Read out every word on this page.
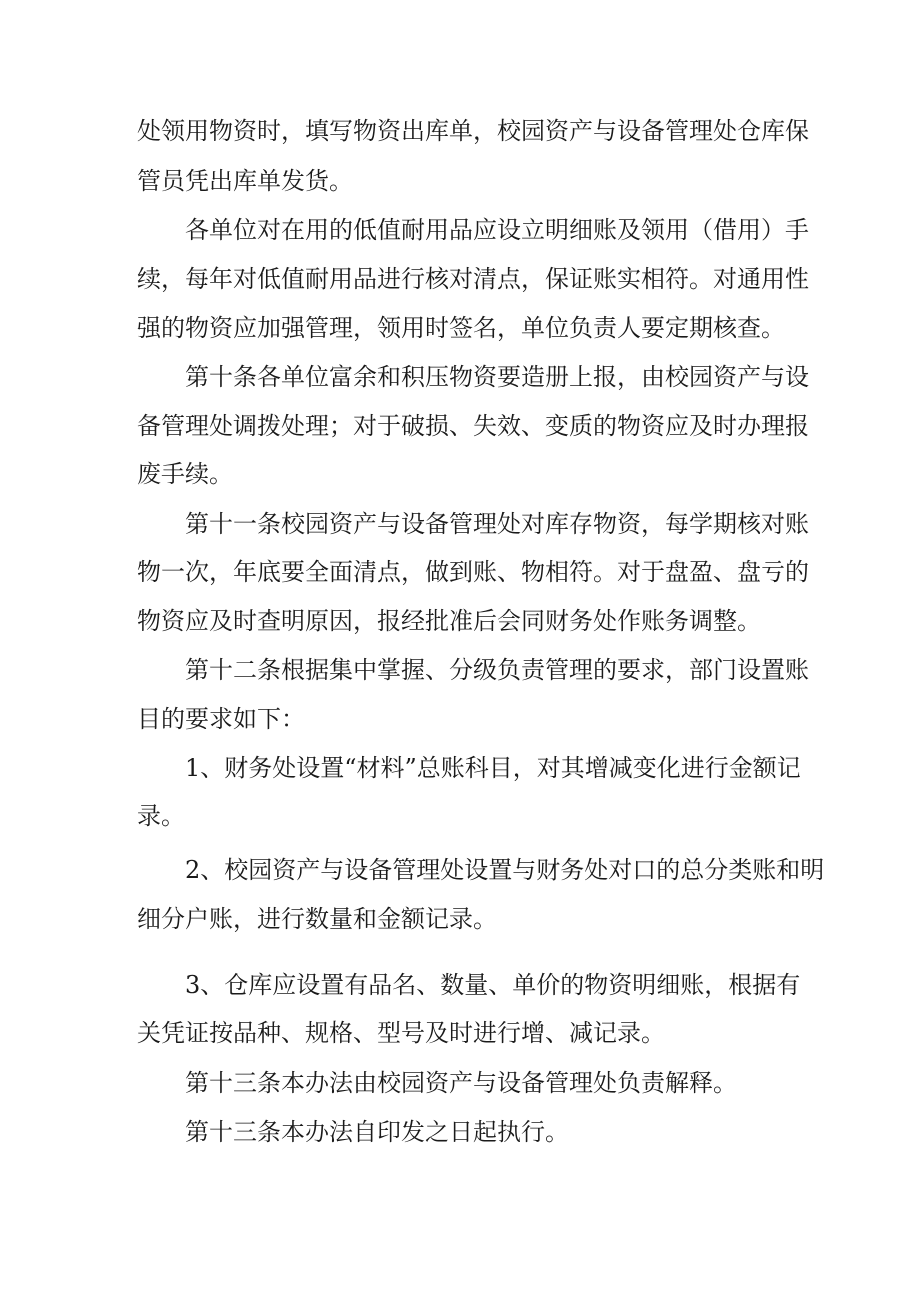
处领用物资时，填写物资出库单，校园资产与设备管理处仓库保
管员凭出库单发货。
各单位对在用的低值耐用品应设立明细账及领用（借用）手
续，每年对低值耐用品进行核对清点，保证账实相符。对通用性
强的物资应加强管理，领用时签名，单位负责人要定期核查。
第十条各单位富余和积压物资要造册上报，由校园资产与设
备管理处调拨处理；对于破损、失效、变质的物资应及时办理报
废手续。
第十一条校园资产与设备管理处对库存物资，每学期核对账
物一次，年底要全面清点，做到账、物相符。对于盘盈、盘亏的
物资应及时查明原因，报经批准后会同财务处作账务调整。
第十二条根据集中掌握、分级负责管理的要求，部门设置账
目的要求如下：
1、财务处设置“材料”总账科目，对其增减变化进行金额记
录。
2、校园资产与设备管理处设置与财务处对口的总分类账和明
细分户账，进行数量和金额记录。
3、仓库应设置有品名、数量、单价的物资明细账，根据有
关凭证按品种、规格、型号及时进行增、减记录。
第十三条本办法由校园资产与设备管理处负责解释。
第十三条本办法自印发之日起执行。
